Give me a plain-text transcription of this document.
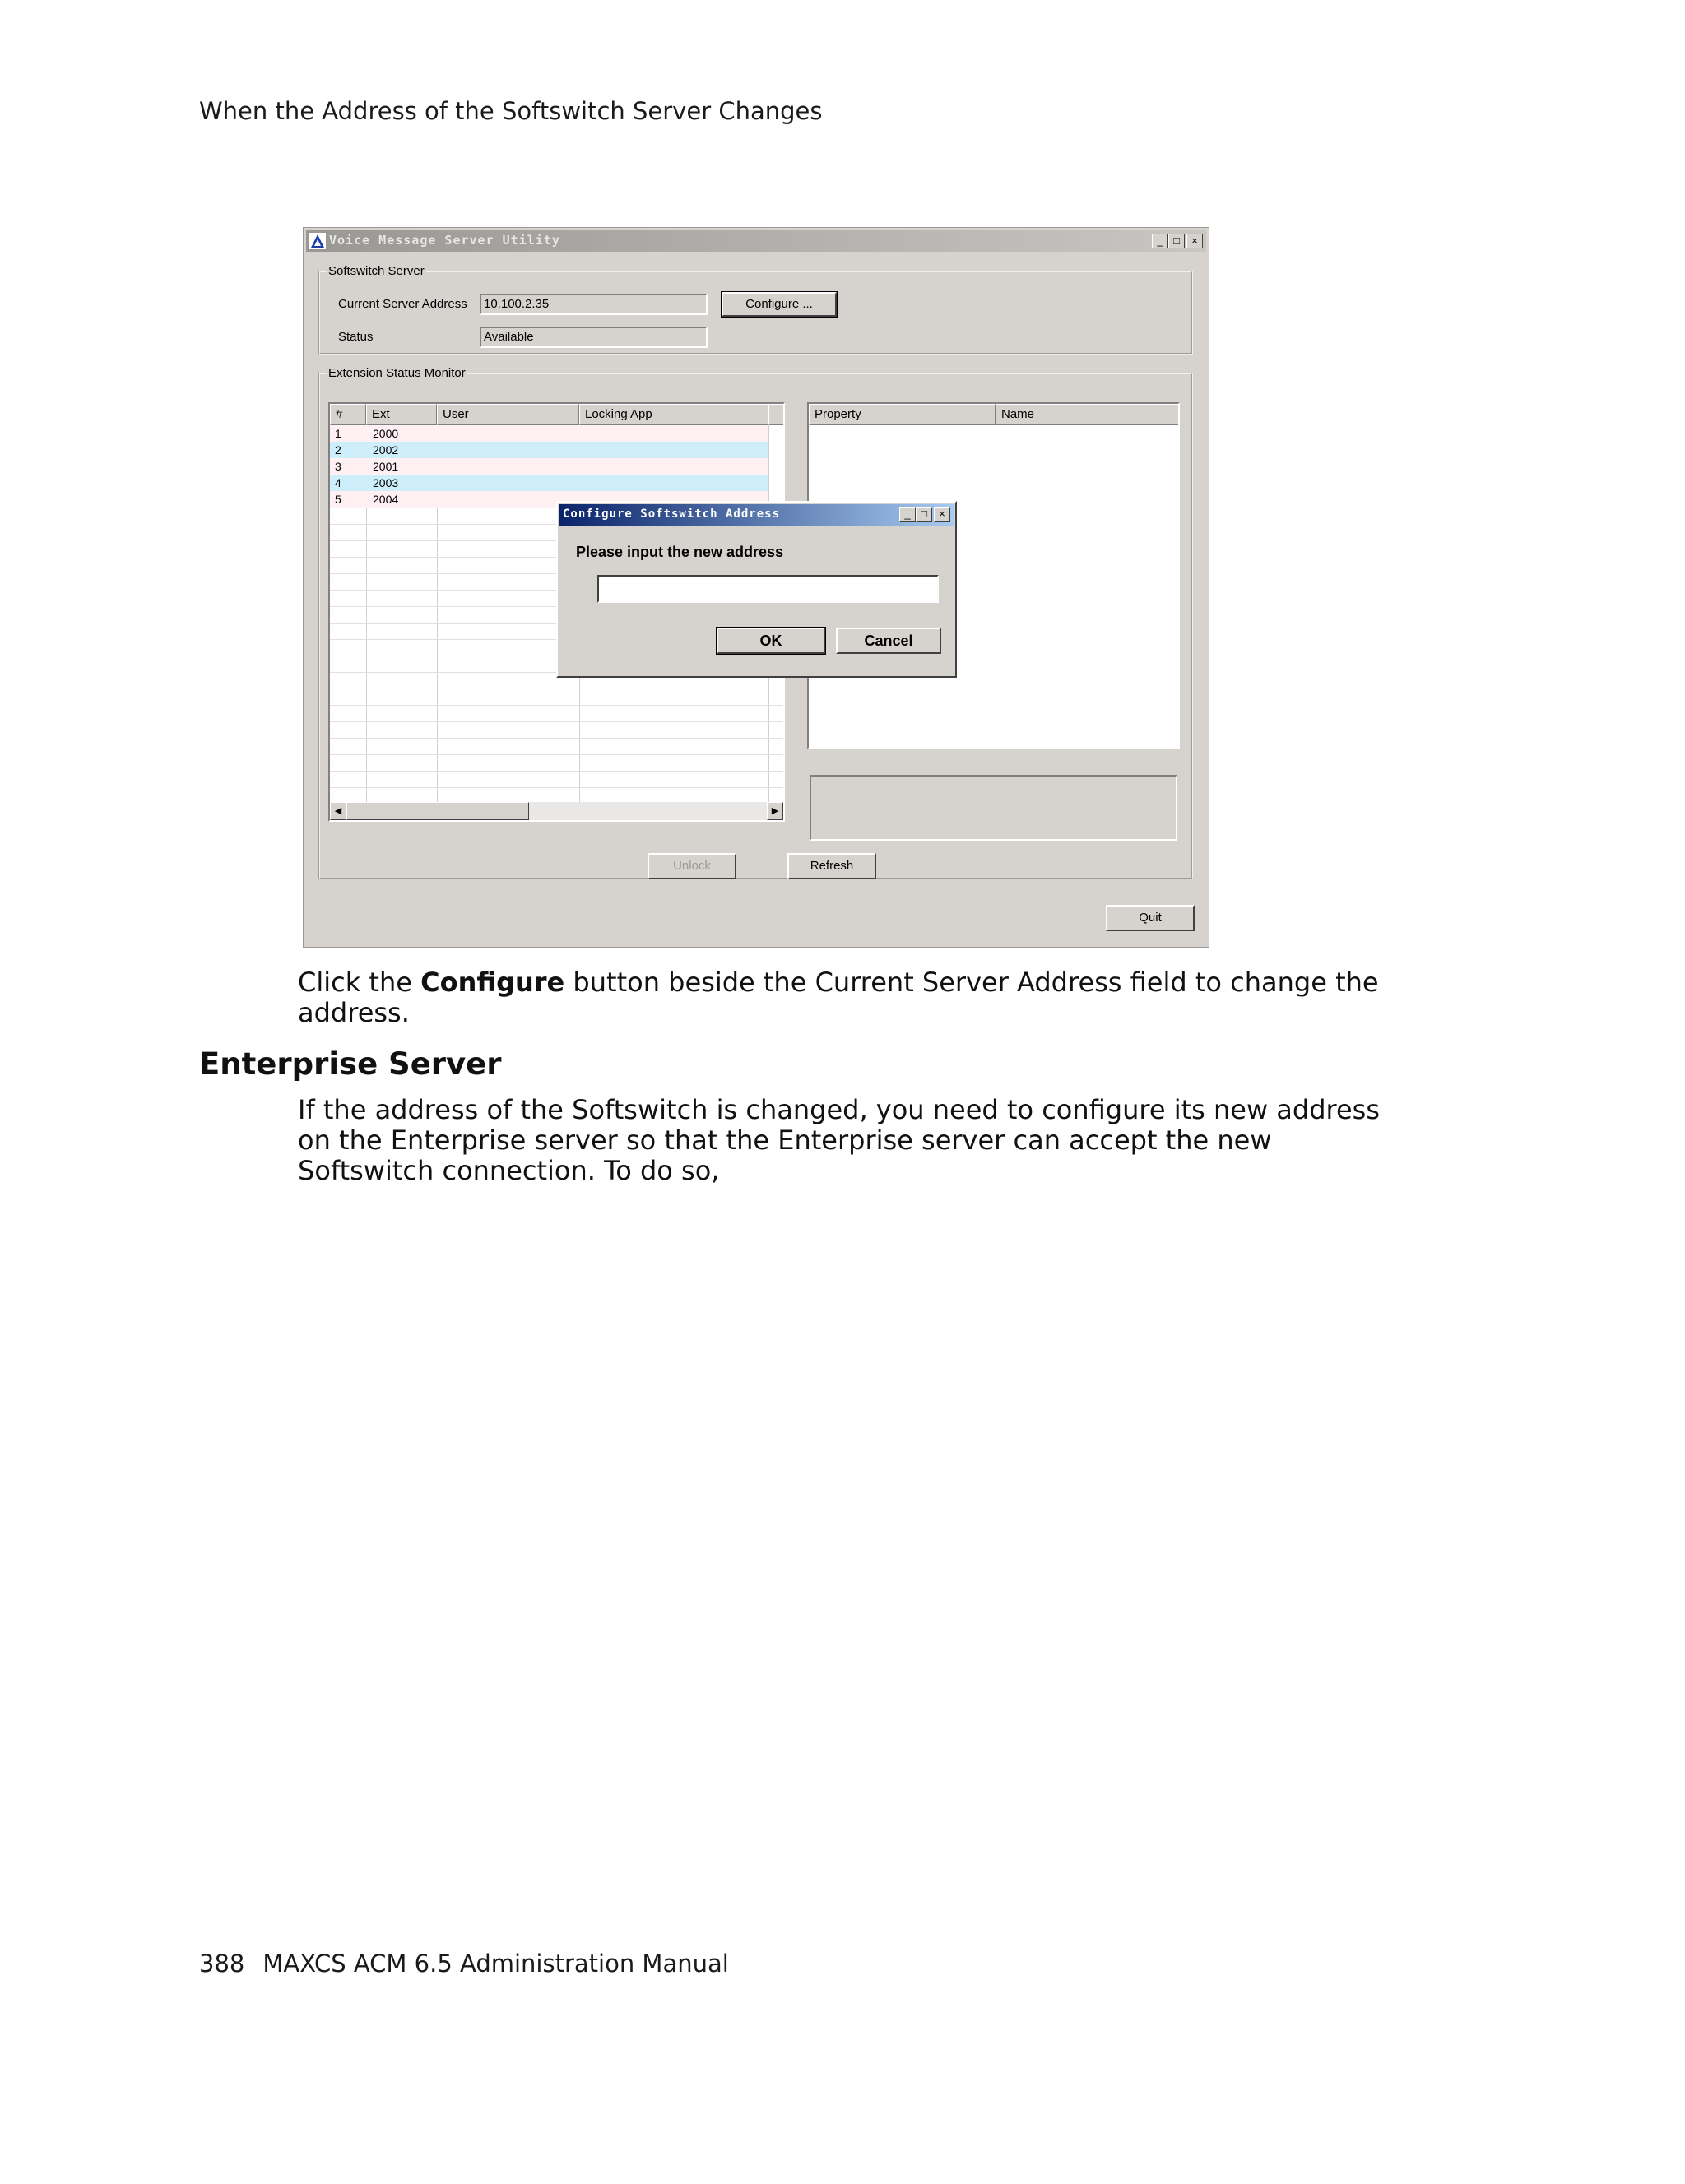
When the Address of the Softswitch Server Changes
Voice Message Server Utility	_ □	×
Softswitch Server
Current Server Address	10.100.2.35	Configure ...
Status	Available
Extension Status Monitor
#	Ext	User	Locking App
1	2000
2	2002
3	2001
4	2003
5	2004
◀	▶
Property	Name
Unlock	Refresh
Quit
Configure Softswitch Address	_ □	×
Please input the new address
OK	Cancel
Click the Configure button beside the Current Server Address field to change the address.
Enterprise Server
If the address of the Softswitch is changed, you need to configure its new address on the Enterprise server so that the Enterprise server can accept the new Softswitch connection. To do so,
388 MAXCS ACM 6.5 Administration Manual
